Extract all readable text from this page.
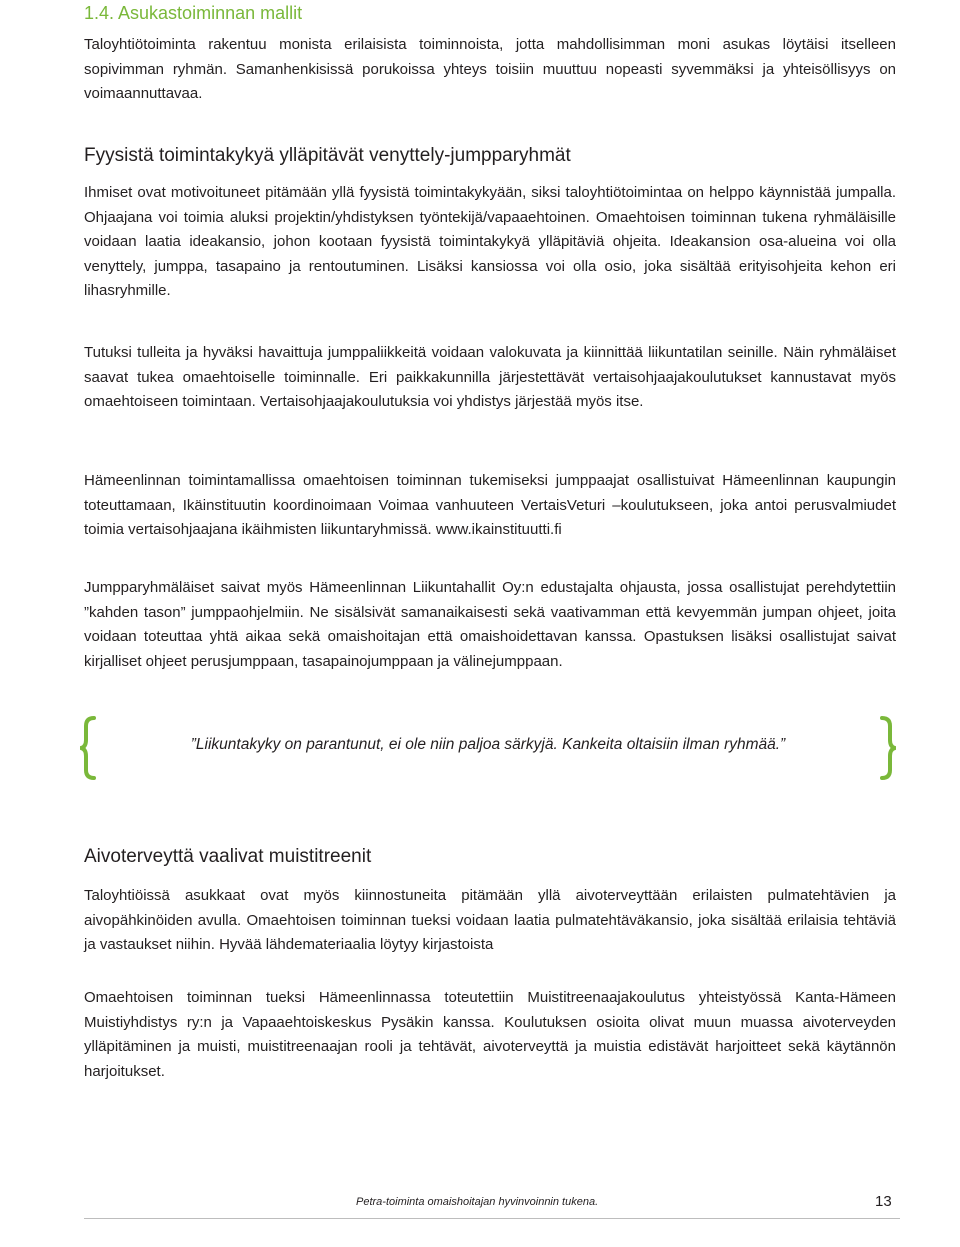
1.4. Asukastoiminnan mallit

Taloyhtiötoiminta rakentuu monista erilaisista toiminnoista, jotta mahdollisimman moni asukas löytäisi itselleen sopivimman ryhmän. Samanhenkisissä porukoissa yhteys toisiin muuttuu nopeasti syvemmäksi ja yhteisöllisyys on voimaannuttavaa.

Fyysistä toimintakykyä ylläpitävät venyttely-jumpparyhmät

Ihmiset ovat motivoituneet pitämään yllä fyysistä toimintakykyään, siksi taloyhtiötoimintaa on helppo käynnistää jumpalla. Ohjaajana voi toimia aluksi projektin/yhdistyksen työntekijä/vapaaehtoinen. Omaehtoisen toiminnan tukena ryhmäläisille voidaan laatia ideakansio, johon kootaan fyysistä toimintakykyä ylläpitäviä ohjeita. Ideakansion osa-alueina voi olla venyttely, jumppa, tasapaino ja rentoutuminen. Lisäksi kansiossa voi olla osio, joka sisältää erityisohjeita kehon eri lihasryhmille.

Tutuksi tulleita ja hyväksi havaittuja jumppaliikkeitä voidaan valokuvata ja kiinnittää liikuntatilan seinille. Näin ryhmäläiset saavat tukea omaehtoiselle toiminnalle. Eri paikkakunnilla järjestettävät vertaisohjaajakoulutukset kannustavat myös omaehtoiseen toimintaan. Vertaisohjaajakoulutuksia voi yhdistys järjestää myös itse.

Hämeenlinnan toimintamallissa omaehtoisen toiminnan tukemiseksi jumppaajat osallistuivat Hämeenlinnan kaupungin toteuttamaan, Ikäinstituutin koordinoimaan Voimaa vanhuuteen VertaisVeturi –koulutukseen, joka antoi perusvalmiudet toimia vertaisohjaajana ikäihmisten liikuntaryhmissä. www.ikainstituutti.fi

Jumpparyhmäläiset saivat myös Hämeenlinnan Liikuntahallit Oy:n edustajalta ohjausta, jossa osallistujat perehdytettiin ”kahden tason” jumppaohjelmiin. Ne sisälsivät samanaikaisesti sekä vaativamman että kevyemmän jumpan ohjeet, joita voidaan toteuttaa yhtä aikaa sekä omaishoitajan että omaishoidettavan kanssa. Opastuksen lisäksi osallistujat saivat kirjalliset ohjeet perusjumppaan, tasapainojumppaan ja välinejumppaan.

”Liikuntakyky on parantunut, ei ole niin paljoa särkyjä. Kankeita oltaisiin ilman ryhmää.”

Aivoterveyttä vaalivat muistitreenit

Taloyhtiöissä asukkaat ovat myös kiinnostuneita pitämään yllä aivoterveyttään erilaisten pulmatehtävien ja aivopähkinöiden avulla. Omaehtoisen toiminnan tueksi voidaan laatia pulmatehtäväkansio, joka sisältää erilaisia tehtäviä ja vastaukset niihin. Hyvää lähdemateriaalia löytyy kirjastoista

Omaehtoisen toiminnan tueksi Hämeenlinnassa toteutettiin Muistitreenaajakoulutus yhteistyössä Kanta-Hämeen Muistiyhdistys ry:n ja Vapaaehtoiskeskus Pysäkin kanssa. Koulutuksen osioita olivat muun muassa aivoterveyden ylläpitäminen ja muisti, muistitreenaajan rooli ja tehtävät, aivoterveyttä ja muistia edistävät harjoitteet sekä käytännön harjoitukset.

Petra-toiminta omaishoitajan hyvinvoinnin tukena.	13
